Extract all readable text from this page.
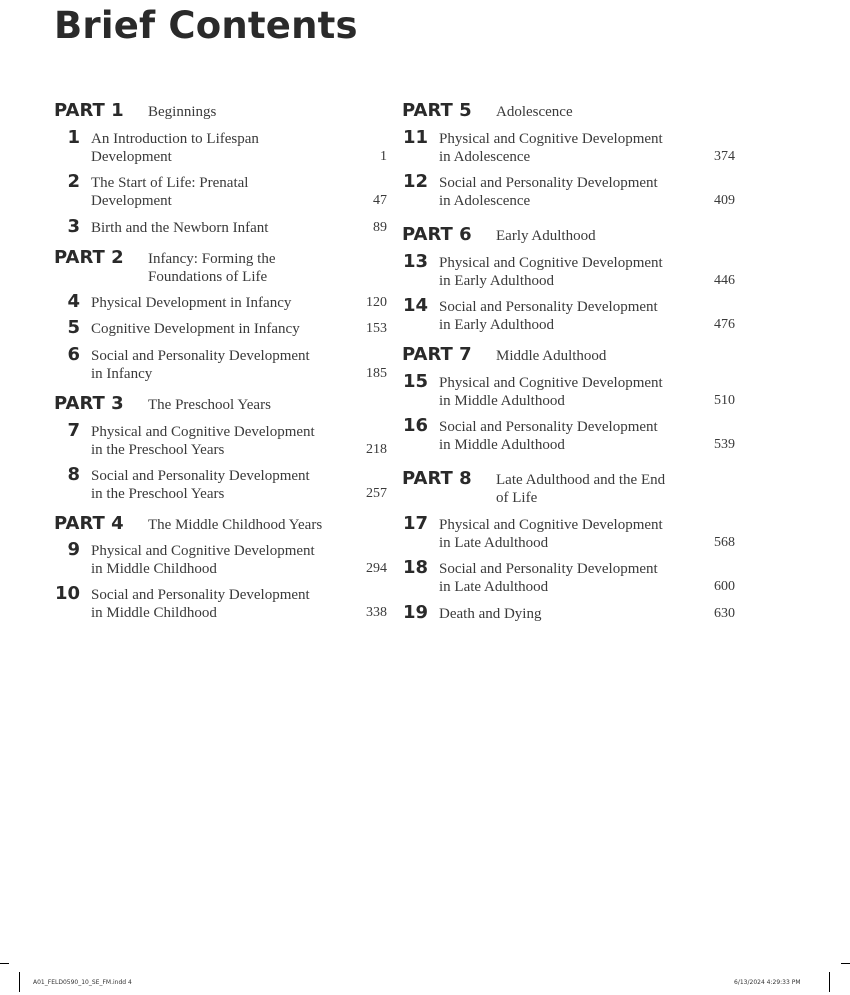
Brief Contents
PART 1 Beginnings
1 An Introduction to Lifespan
Development	1
2 The Start of Life: Prenatal
Development	47
3 Birth and the Newborn Infant	89
PART 2 Infancy: Forming the
Foundations of Life
4 Physical Development in Infancy	120
5 Cognitive Development in Infancy	153
6 Social and Personality Development
in Infancy	185
PART 3 The Preschool Years
7 Physical and Cognitive Development
in the Preschool Years	218
8 Social and Personality Development
in the Preschool Years	257
PART 4 The Middle Childhood Years
9 Physical and Cognitive Development
in Middle Childhood	294
10 Social and Personality Development
in Middle Childhood	338
PART 5 Adolescence
11 Physical and Cognitive Development
in Adolescence	374
12 Social and Personality Development
in Adolescence	409
PART 6 Early Adulthood
13 Physical and Cognitive Development
in Early Adulthood	446
14 Social and Personality Development
in Early Adulthood	476
PART 7 Middle Adulthood
15 Physical and Cognitive Development
in Middle Adulthood	510
16 Social and Personality Development
in Middle Adulthood	539
PART 8 Late Adulthood and the End
of Life
17 Physical and Cognitive Development
in Late Adulthood	568
18 Social and Personality Development
in Late Adulthood	600
19 Death and Dying	630
A01_FELD0590_10_SE_FM.indd 4	6/13/2024 4:29:33 PM
